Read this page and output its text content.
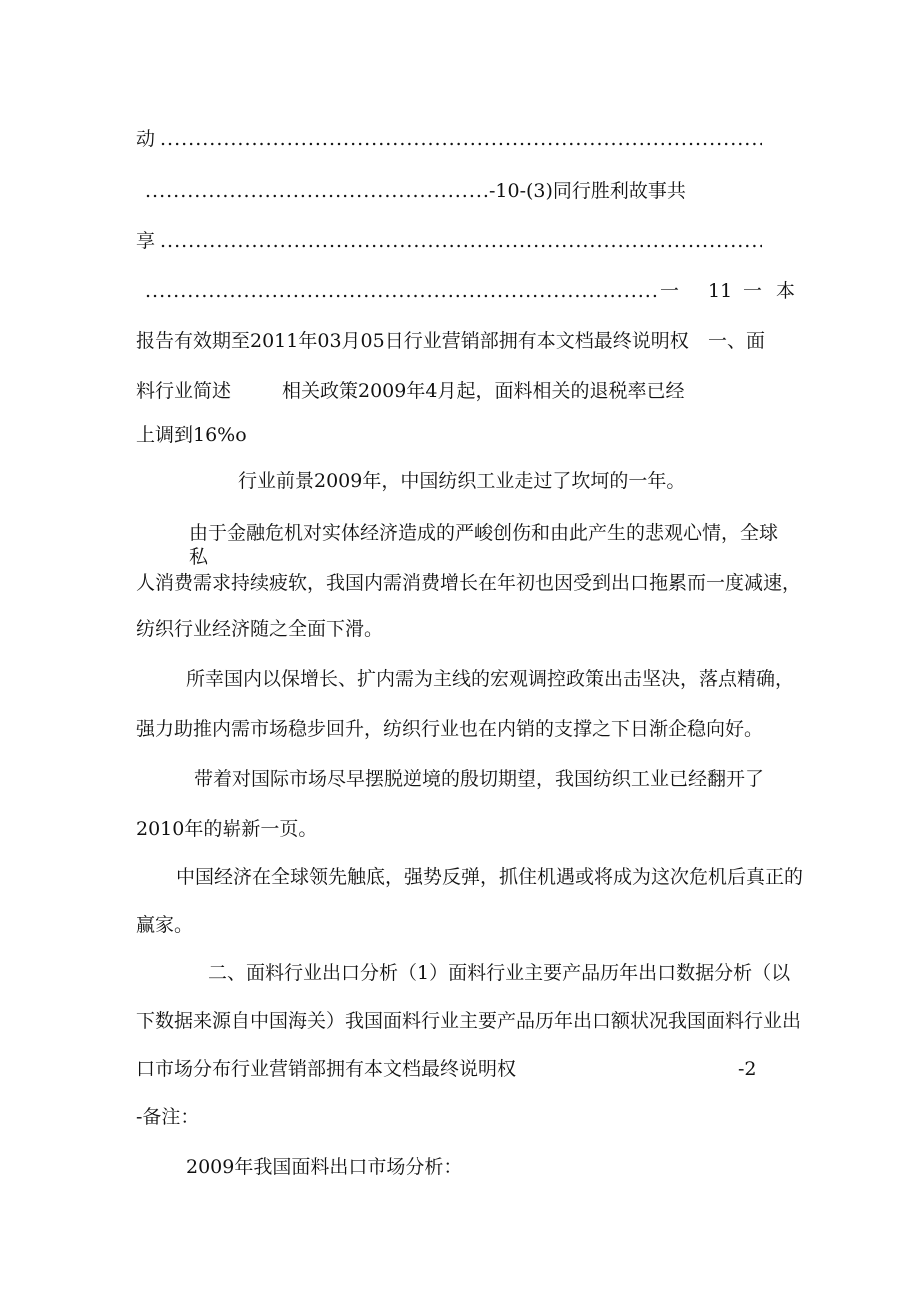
动
.....
.....
-10-(3)同行胜利故事共
享
.....
.....
一 11 一 本
报告有效期至2011年03月05日行业营销部拥有本文档最终说明权 一、面
料行业简述	相关政策2009年4月起，面料相关的退税率已经
上调到16%o
行业前景2009年，中国纺织工业走过了坎坷的一年。
由于金融危机对实体经济造成的严峻创伤和由此产生的悲观心情，全球私
人消费需求持续疲软，我国内需消费增长在年初也因受到出口拖累而一度减速，
纺织行业经济随之全面下滑。
所幸国内以保增长、扩内需为主线的宏观调控政策出击坚决，落点精确，
强力助推内需市场稳步回升，纺织行业也在内销的支撑之下日渐企稳向好。
带着对国际市场尽早摆脱逆境的殷切期望，我国纺织工业已经翻开了
2010年的崭新一页。
中国经济在全球领先触底，强势反弹，抓住机遇或将成为这次危机后真正的
赢家。
二、面料行业出口分析（1）面料行业主要产品历年出口数据分析（以
下数据来源自中国海关）我国面料行业主要产品历年出口额状况我国面料行业出
口市场分布行业营销部拥有本文档最终说明权	-2
-备注：
2009年我国面料出口市场分析：
